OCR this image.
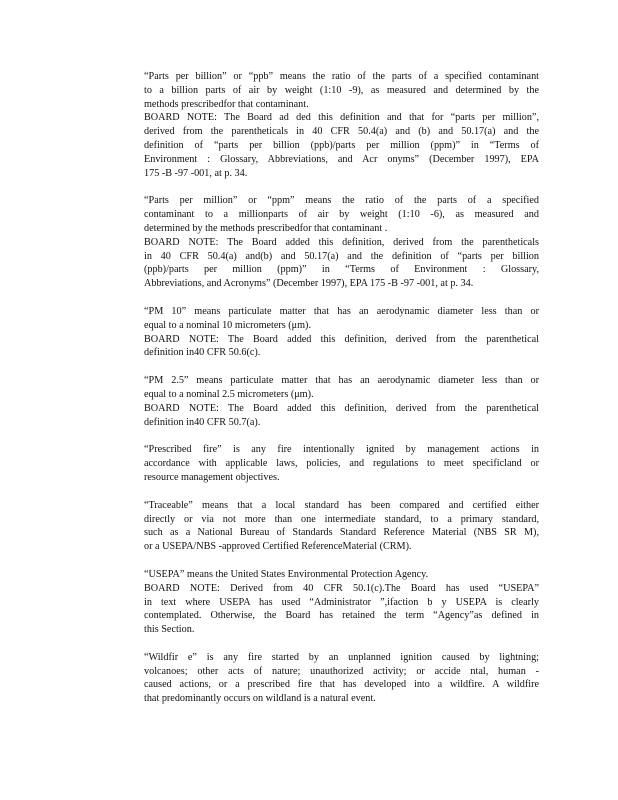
“Parts per billion” or “ppb” means the ratio of the parts of a specified contaminant
to a billion parts of air by weight (1:10 -9), as measured and determined by the
methods prescribedfor that contaminant.
BOARD NOTE: The Board ad ded this definition and that for “parts per million”,
derived from the parentheticals in 40 CFR 50.4(a) and (b) and 50.17(a) and the
definition of “parts per billion (ppb)/parts per million (ppm)” in “Terms of
Environment : Glossary, Abbreviations, and Acr onyms” (December 1997), EPA
175 -B -97 -001, at p. 34.
“Parts per million” or “ppm” means the ratio of the parts of a specified
contaminant to a millionparts of air by weight (1:10 -6), as measured and
determined by the methods prescribedfor that contaminant .
BOARD NOTE: The Board added this definition, derived from the parentheticals
in 40 CFR 50.4(a) and(b) and 50.17(a) and the definition of “parts per billion
(ppb)/parts per million (ppm)” in “Terms of Environment : Glossary,
Abbreviations, and Acronyms” (December 1997), EPA 175 -B -97 -001, at p. 34.
“PM 10” means particulate matter that has an aerodynamic diameter less than or
equal to a nominal 10 micrometers (μm).
BOARD NOTE: The Board added this definition, derived from the parenthetical
definition in40 CFR 50.6(c).
“PM 2.5” means particulate matter that has an aerodynamic diameter less than or
equal to a nominal 2.5 micrometers (μm).
BOARD NOTE: The Board added this definition, derived from the parenthetical
definition in40 CFR 50.7(a).
“Prescribed fire” is any fire intentionally ignited by management actions in
accordance with applicable laws, policies, and regulations to meet specificland or
resource management objectives.
“Traceable” means that a local standard has been compared and certified either
directly or via not more than one intermediate standard, to a primary standard,
such as a National Bureau of Standards Standard Reference Material (NBS SR M),
or a USEPA/NBS -approved Certified ReferenceMaterial (CRM).
“USEPA” means the United States Environmental Protection Agency.
BOARD NOTE: Derived from 40 CFR 50.1(c).The Board has used “USEPA”
in text where USEPA has used “Administrator ”,ifaction b y USEPA is clearly
contemplated. Otherwise, the Board has retained the term “Agency”as defined in
this Section.
“Wildfir e” is any fire started by an unplanned ignition caused by lightning;
volcanoes; other acts of nature; unauthorized activity; or accide ntal, human -
caused actions, or a prescribed fire that has developed into a wildfire. A wildfire
that predominantly occurs on wildland is a natural event.
